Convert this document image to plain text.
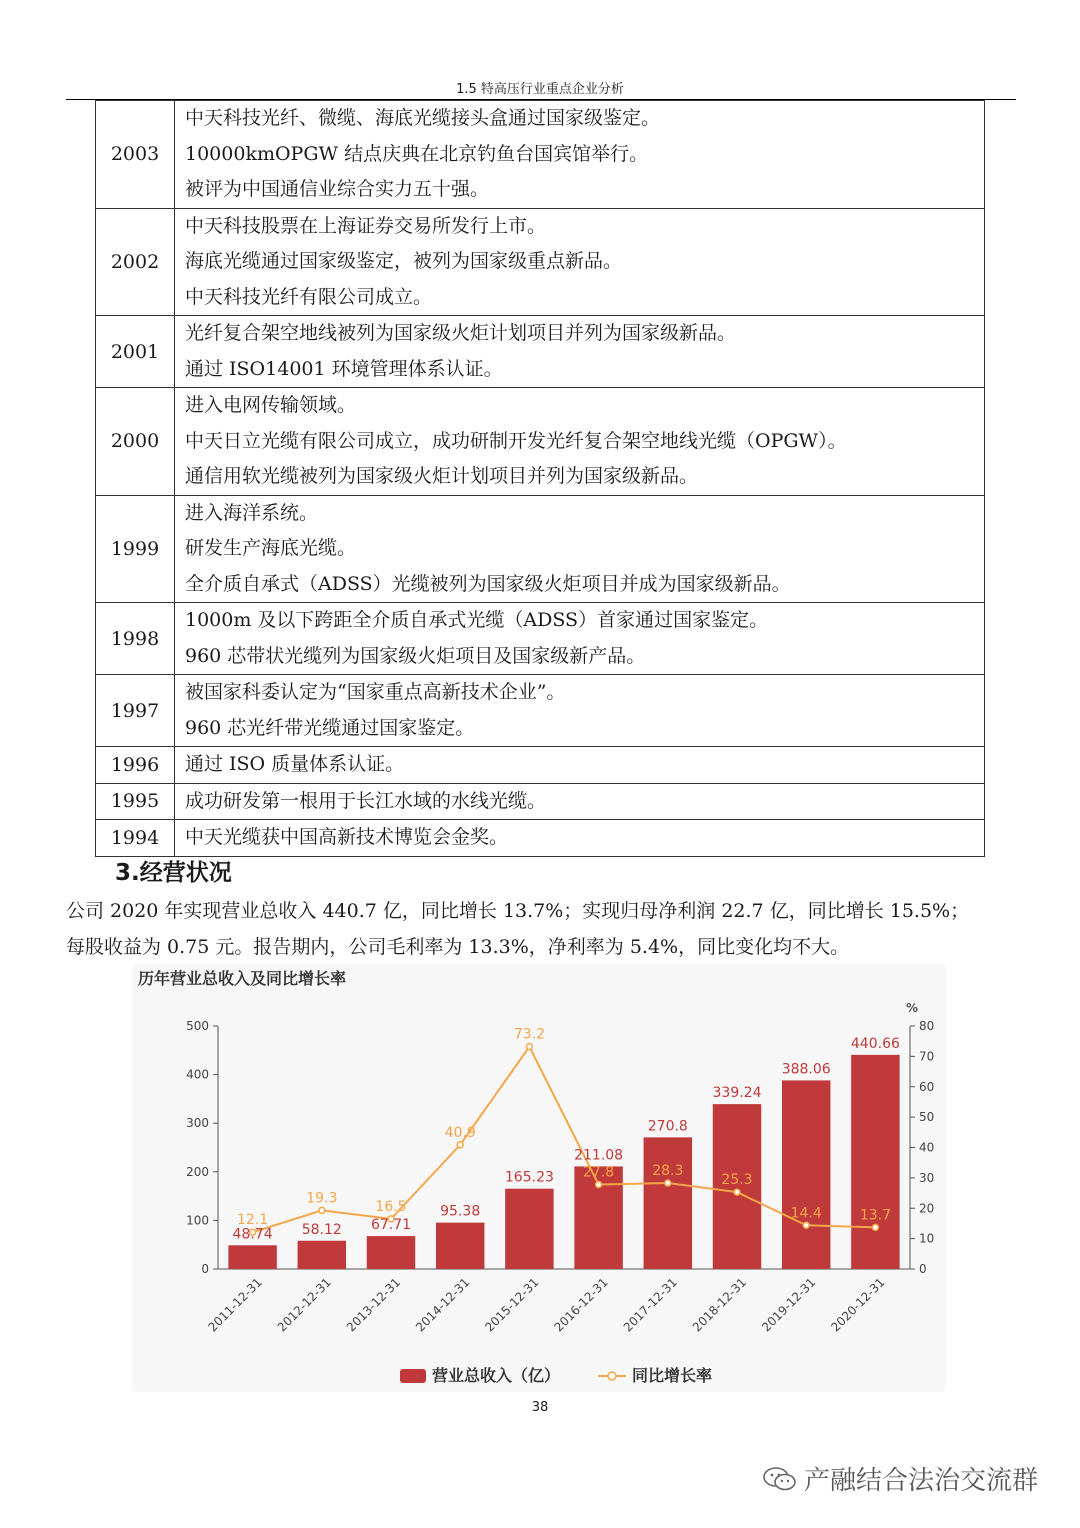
1.5 特高压行业重点企业分析
2003	中天科技光纤、微缆、海底光缆接头盒通过国家级鉴定。
10000kmOPGW 结点庆典在北京钓鱼台国宾馆举行。
被评为中国通信业综合实力五十强。

2002	中天科技股票在上海证券交易所发行上市。
海底光缆通过国家级鉴定，被列为国家级重点新品。
中天科技光纤有限公司成立。

2001	光纤复合架空地线被列为国家级火炬计划项目并列为国家级新品。
通过 ISO14001 环境管理体系认证。

2000	进入电网传输领域。
中天日立光缆有限公司成立，成功研制开发光纤复合架空地线光缆（OPGW）。
通信用软光缆被列为国家级火炬计划项目并列为国家级新品。

1999	进入海洋系统。
研发生产海底光缆。
全介质自承式（ADSS）光缆被列为国家级火炬项目并成为国家级新品。

1998	1000m 及以下跨距全介质自承式光缆（ADSS）首家通过国家鉴定。
960 芯带状光缆列为国家级火炬项目及国家级新产品。

1997	被国家科委认定为“国家重点高新技术企业”。
960 芯光纤带光缆通过国家鉴定。

1996	通过 ISO 质量体系认证。

1995	成功研发第一根用于长江水域的水线光缆。

1994	中天光缆获中国高新技术博览会金奖。
3.经营状况

公司 2020 年实现营业总收入 440.7 亿，同比增长 13.7%；实现归母净利润 22.7 亿，同比增长 15.5%；

每股收益为 0.75 元。报告期内，公司毛利率为 13.3%，净利率为 5.4%，同比变化均不大。

历年营业总收入及同比增长率
0
100
200
300
400
500
0
10
20
30
40
50
60
70
80
%
48.74 58.12 67.71
95.38
165.23
211.08
270.8
339.24
388.06
440.66
12.1
19.3
16.5
40.9
73.2
27.8	28.3
25.3
14.4	13.7
2011-12-31 2012-12-31 2013-12-31 2014-12-31 2015-12-31 2016-12-31 2017-12-31 2018-12-31 2019-12-31 2020-12-31
营业总收入（亿）	同比增长率
38
产融结合法治交流群
